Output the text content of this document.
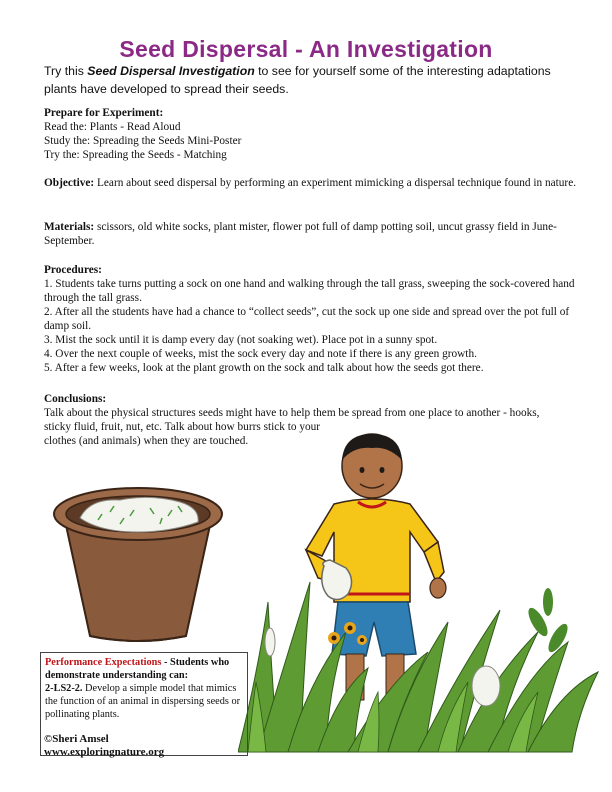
Seed Dispersal - An Investigation
Try this Seed Dispersal Investigation to see for yourself some of the interesting adaptations plants have developed to spread their seeds.

Prepare for Experiment:

Read the: Plants - Read Aloud

Study the: Spreading the Seeds Mini-Poster

Try the: Spreading the Seeds - Matching

Objective: Learn about seed dispersal by performing an experiment mimicking a dispersal technique found in nature.

Materials: scissors, old white socks, plant mister, flower pot full of damp potting soil, uncut grassy field in June-September.

Procedures:

1. Students take turns putting a sock on one hand and walking through the tall grass, sweeping the sock-covered hand through the tall grass.

2. After all the students have had a chance to “collect seeds”, cut the sock up one side and spread over the pot full of damp soil.

3. Mist the sock until it is damp every day (not soaking wet). Place pot in a sunny spot.

4. Over the next couple of weeks, mist the sock every day and note if there is any green growth.

5. After a few weeks, look at the plant growth on the sock and talk about how the seeds got there.

Conclusions:

Talk about the physical structures seeds might have to help them be spread from one place to another - hooks,

sticky fluid, fruit, nut, etc. Talk about how burrs stick to your

clothes (and animals) when they are touched.

Performance Expectations - Students who demonstrate understanding can:
2-LS2-2. Develop a simple model that mimics the function of an animal in dispersing seeds or pollinating plants.
©Sheri Amsel
www.exploringnature.org
